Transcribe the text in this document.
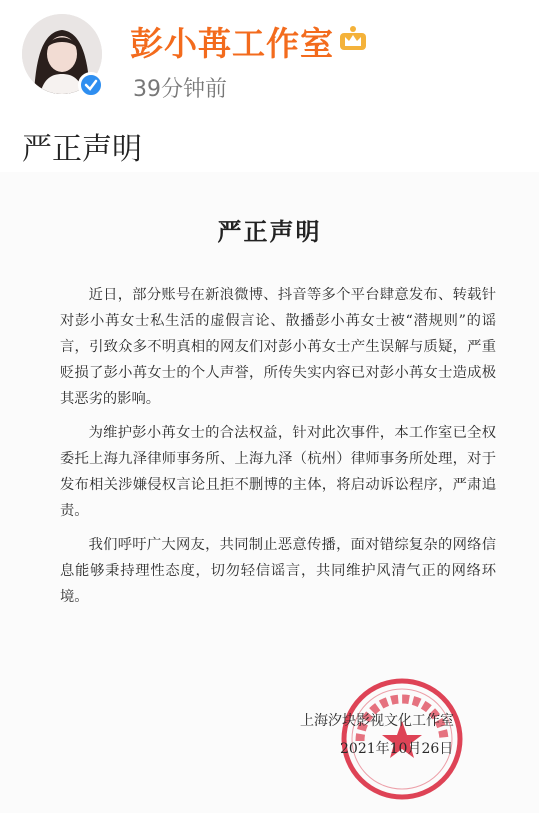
彭小苒工作室
39分钟前
严正声明
严正声明

近日，部分账号在新浪微博、抖音等多个平台肆意发布、转载针对彭小苒女士私生活的虚假言论、散播彭小苒女士被“潜规则”的谣言，引致众多不明真相的网友们对彭小苒女士产生误解与质疑，严重贬损了彭小苒女士的个人声誉，所传失实内容已对彭小苒女士造成极其恶劣的影响。

为维护彭小苒女士的合法权益，针对此次事件，本工作室已全权委托上海九泽律师事务所、上海九泽（杭州）律师事务所处理，对于发布相关涉嫌侵权言论且拒不删博的主体，将启动诉讼程序，严肃追责。

我们呼吁广大网友，共同制止恶意传播，面对错综复杂的网络信息能够秉持理性态度，切勿轻信谣言，共同维护风清气正的网络环境。

上海汐块影视文化工作室
2021年10月26日
